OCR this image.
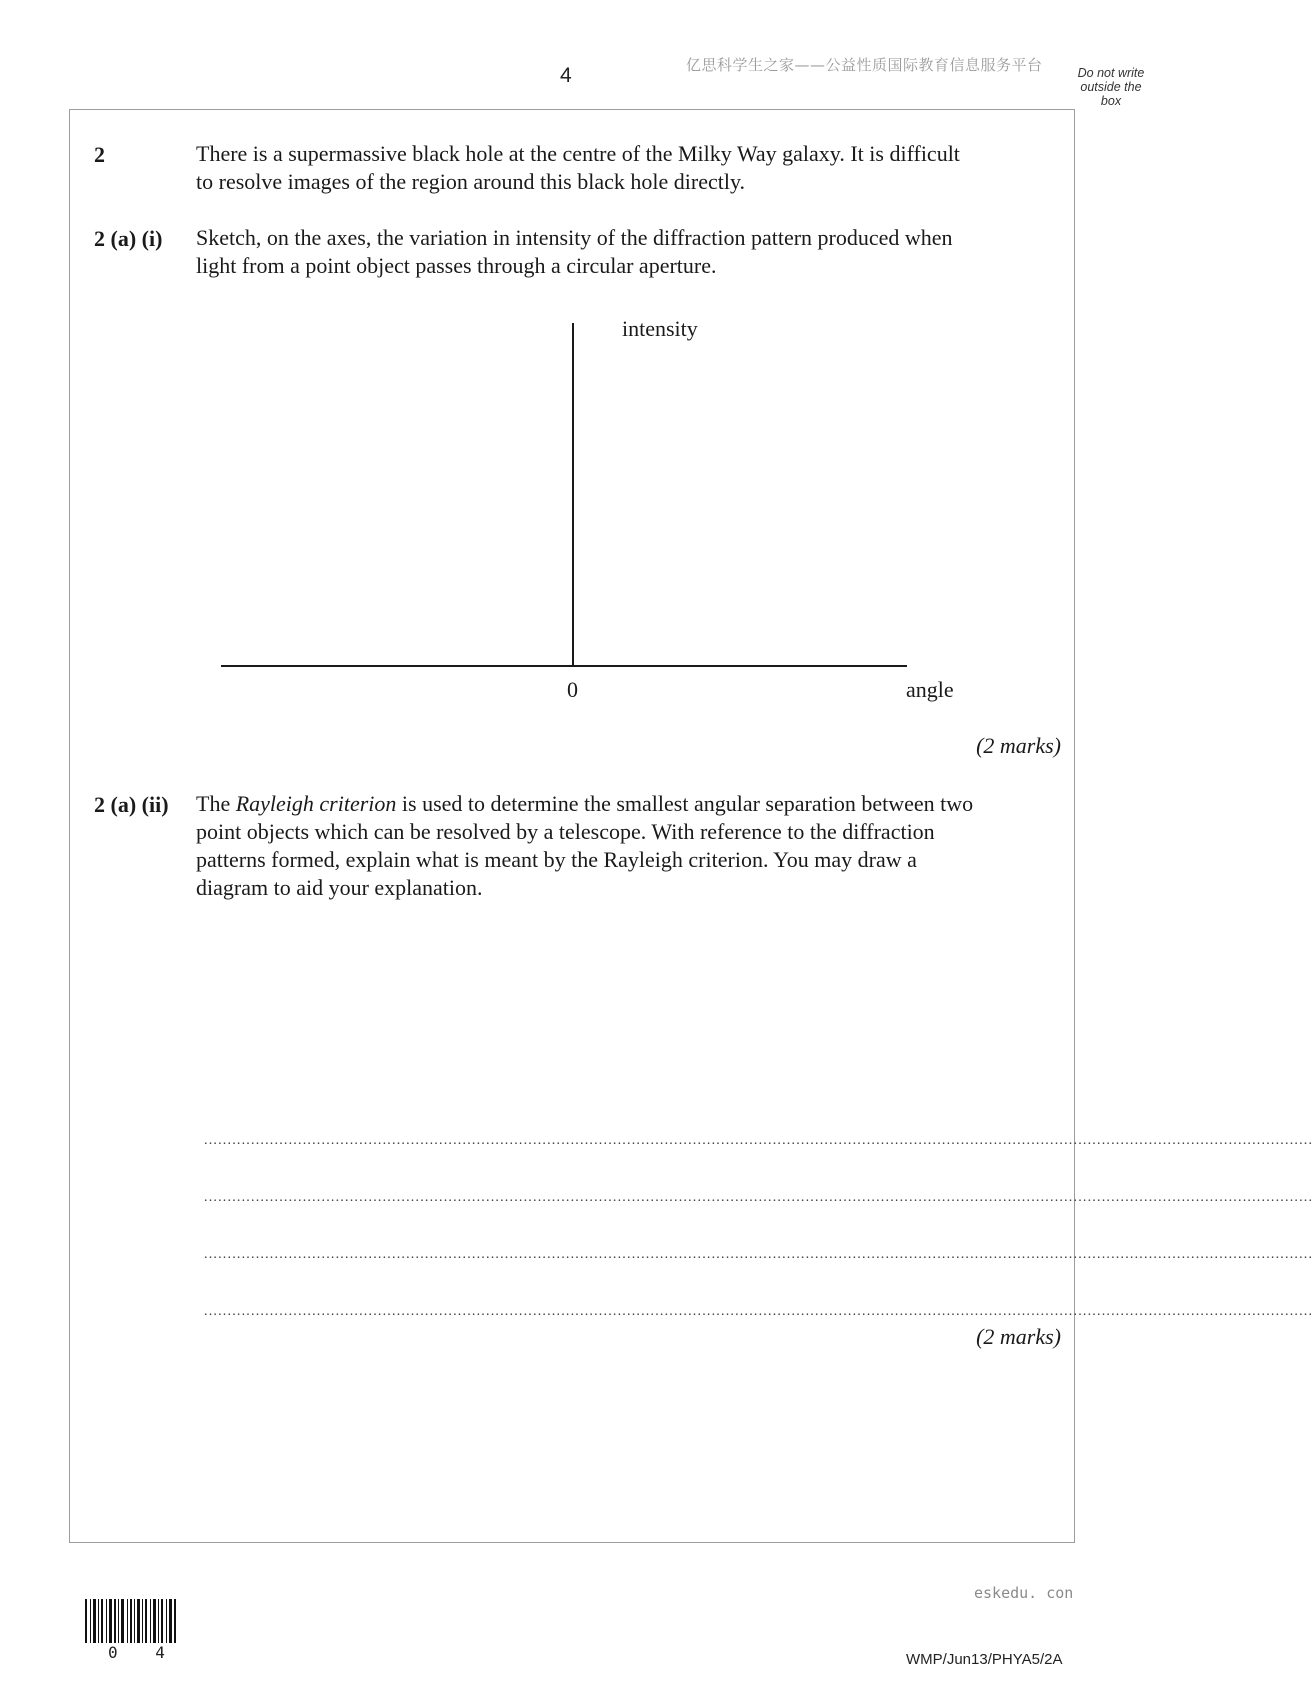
4	亿思科学生之家——公益性质国际教育信息服务平台	Do not write
outside the
box
2	There is a supermassive black hole at the centre of the Milky Way galaxy. It is difficult
to resolve images of the region around this black hole directly.
2 (a) (i) Sketch, on the axes, the variation in intensity of the diffraction pattern produced when
light from a point object passes through a circular aperture.
intensity
0	angle
(2 marks)
2 (a) (ii) The Rayleigh criterion is used to determine the smallest angular separation between two
point objects which can be resolved by a telescope. With reference to the diffraction
patterns formed, explain what is meant by the Rayleigh criterion. You may draw a
diagram to aid your explanation.
............................................................................................................................................................................................................................................
............................................................................................................................................................................................................................................
............................................................................................................................................................................................................................................
............................................................................................................................................................................................................................................
(2 marks)
eskedu. con
0 4	WMP/Jun13/PHYA5/2A
